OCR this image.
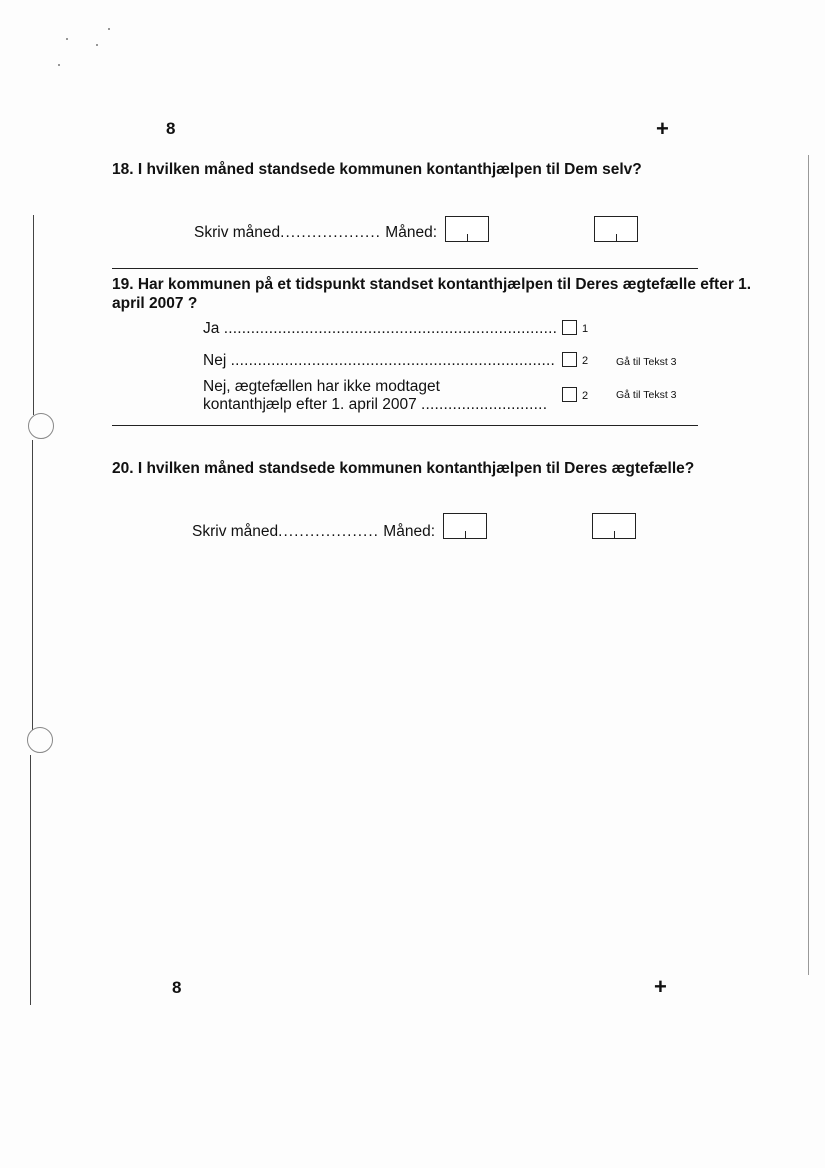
8	+
18. I hvilken måned standsede kommunen kontanthjælpen til Dem selv?
Skriv måned................... Måned:
19. Har kommunen på et tidspunkt standset kontanthjælpen til Deres ægtefælle efter 1. april 2007 ?
Ja .......................................................................... 1
Nej ........................................................................ 2	Gå til Tekst 3
Nej, ægtefællen har ikke modtaget
kontanthjælp efter 1. april 2007 ............................	2	Gå til Tekst 3
20. I hvilken måned standsede kommunen kontanthjælpen til Deres ægtefælle?
Skriv måned................... Måned:
8	+
